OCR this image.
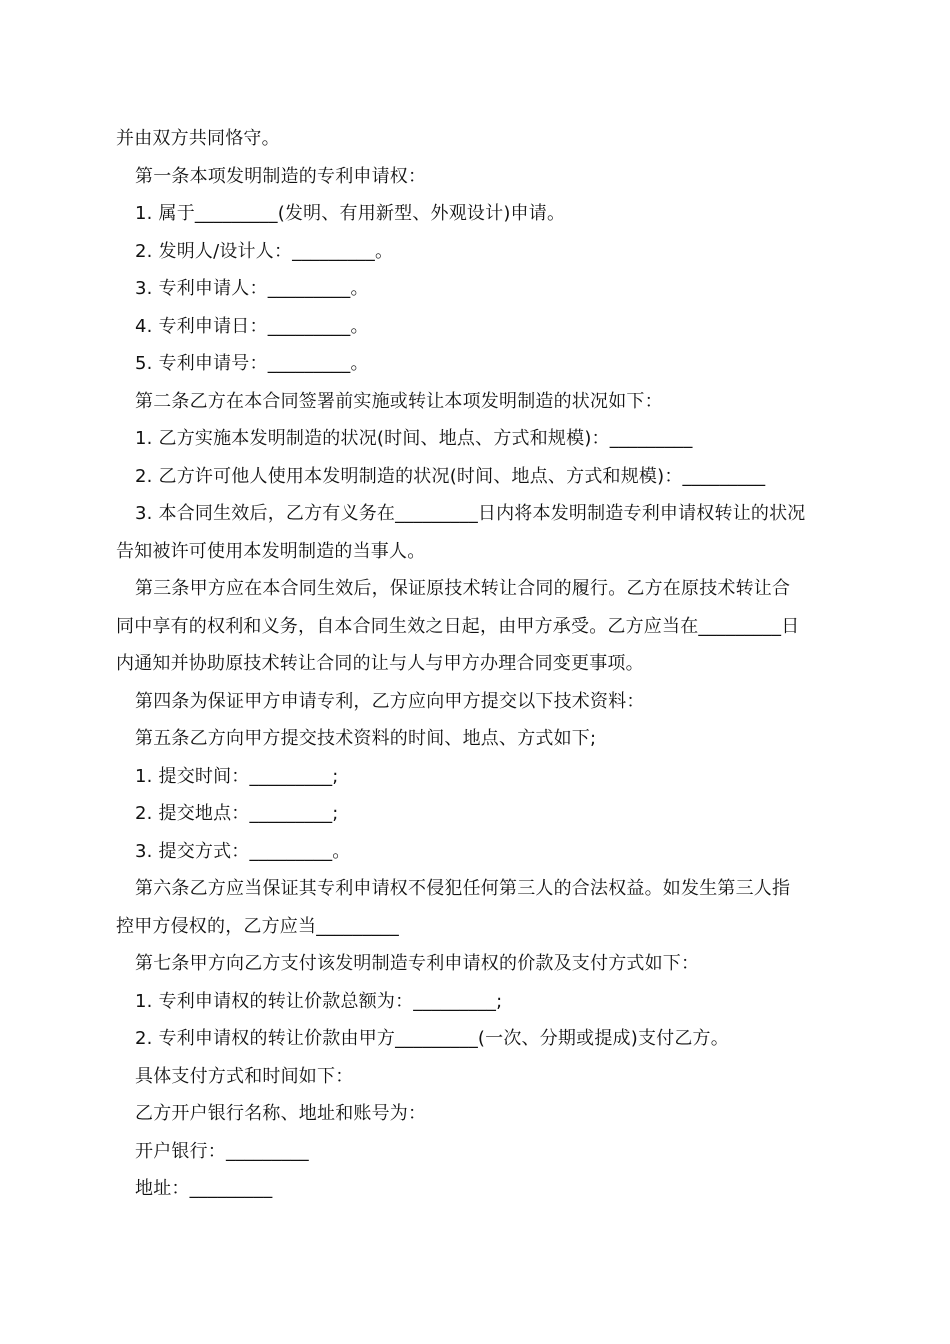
并由双方共同恪守。
第一条本项发明制造的专利申请权：
1. 属于_________(发明、有用新型、外观设计)申请。
2. 发明人/设计人：_________。
3. 专利申请人：_________。
4. 专利申请日：_________。
5. 专利申请号：_________。
第二条乙方在本合同签署前实施或转让本项发明制造的状况如下：
1. 乙方实施本发明制造的状况(时间、地点、方式和规模)：_________
2. 乙方许可他人使用本发明制造的状况(时间、地点、方式和规模)：_________
3. 本合同生效后，乙方有义务在_________日内将本发明制造专利申请权转让的状况
告知被许可使用本发明制造的当事人。
第三条甲方应在本合同生效后，保证原技术转让合同的履行。乙方在原技术转让合
同中享有的权利和义务，自本合同生效之日起，由甲方承受。乙方应当在_________日
内通知并协助原技术转让合同的让与人与甲方办理合同变更事项。
第四条为保证甲方申请专利，乙方应向甲方提交以下技术资料：
第五条乙方向甲方提交技术资料的时间、地点、方式如下;
1. 提交时间：_________;
2. 提交地点：_________;
3. 提交方式：_________。
第六条乙方应当保证其专利申请权不侵犯任何第三人的合法权益。如发生第三人指
控甲方侵权的，乙方应当_________
第七条甲方向乙方支付该发明制造专利申请权的价款及支付方式如下：
1. 专利申请权的转让价款总额为：_________;
2. 专利申请权的转让价款由甲方_________(一次、分期或提成)支付乙方。
具体支付方式和时间如下：
乙方开户银行名称、地址和账号为：
开户银行：_________
地址：_________
